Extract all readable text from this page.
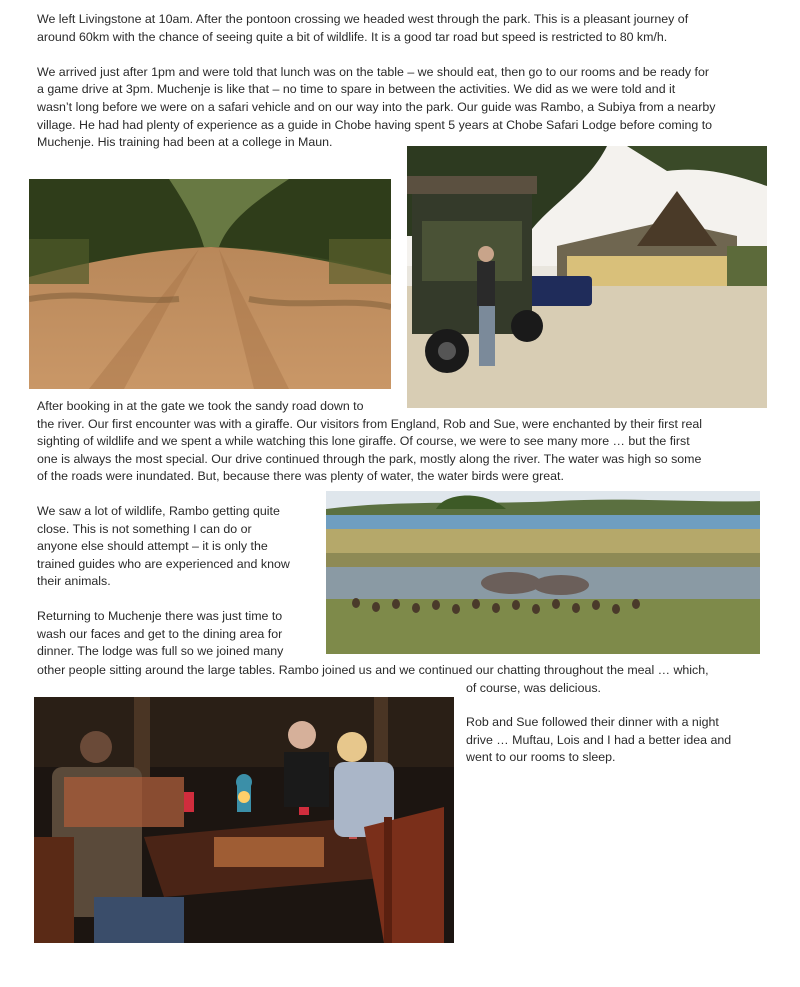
We left Livingstone at 10am. After the pontoon crossing we headed west through the park. This is a pleasant journey of

around 60km with the chance of seeing quite a bit of wildlife. It is a good tar road but speed is restricted to 80 km/h.

We arrived just after 1pm and were told that lunch was on the table – we should eat, then go to our rooms and be ready for

a game drive at 3pm. Muchenje is like that – no time to spare in between the activities. We did as we were told and it

wasn’t long before we were on a safari vehicle and on our way into the park. Our guide was Rambo, a Subiya from a nearby

village. He had had plenty of experience as a guide in Chobe having spent 5 years at Chobe Safari Lodge before coming to

Muchenje. His training had been at a college in Maun.

After booking in at the gate we took the sandy road down to

the river. Our first encounter was with a giraffe. Our visitors from England, Rob and Sue, were enchanted by their first real

sighting of wildlife and we spent a while watching this lone giraffe. Of course, we were to see many more … but the first

one is always the most special. Our drive continued through the park, mostly along the river. The water was high so some

of the roads were inundated. But, because there was plenty of water, the water birds were great.

We saw a lot of wildlife, Rambo getting quite

close. This is not something I can do or

anyone else should attempt – it is only the

trained guides who are experienced and know

their animals.

Returning to Muchenje there was just time to

wash our faces and get to the dining area for

dinner. The lodge was full so we joined many

other people sitting around the large tables. Rambo joined us and we continued our chatting throughout the meal … which,

of course, was delicious.

Rob and Sue followed their dinner with a night

drive … Muftau, Lois and I had a better idea and

went to our rooms to sleep.
